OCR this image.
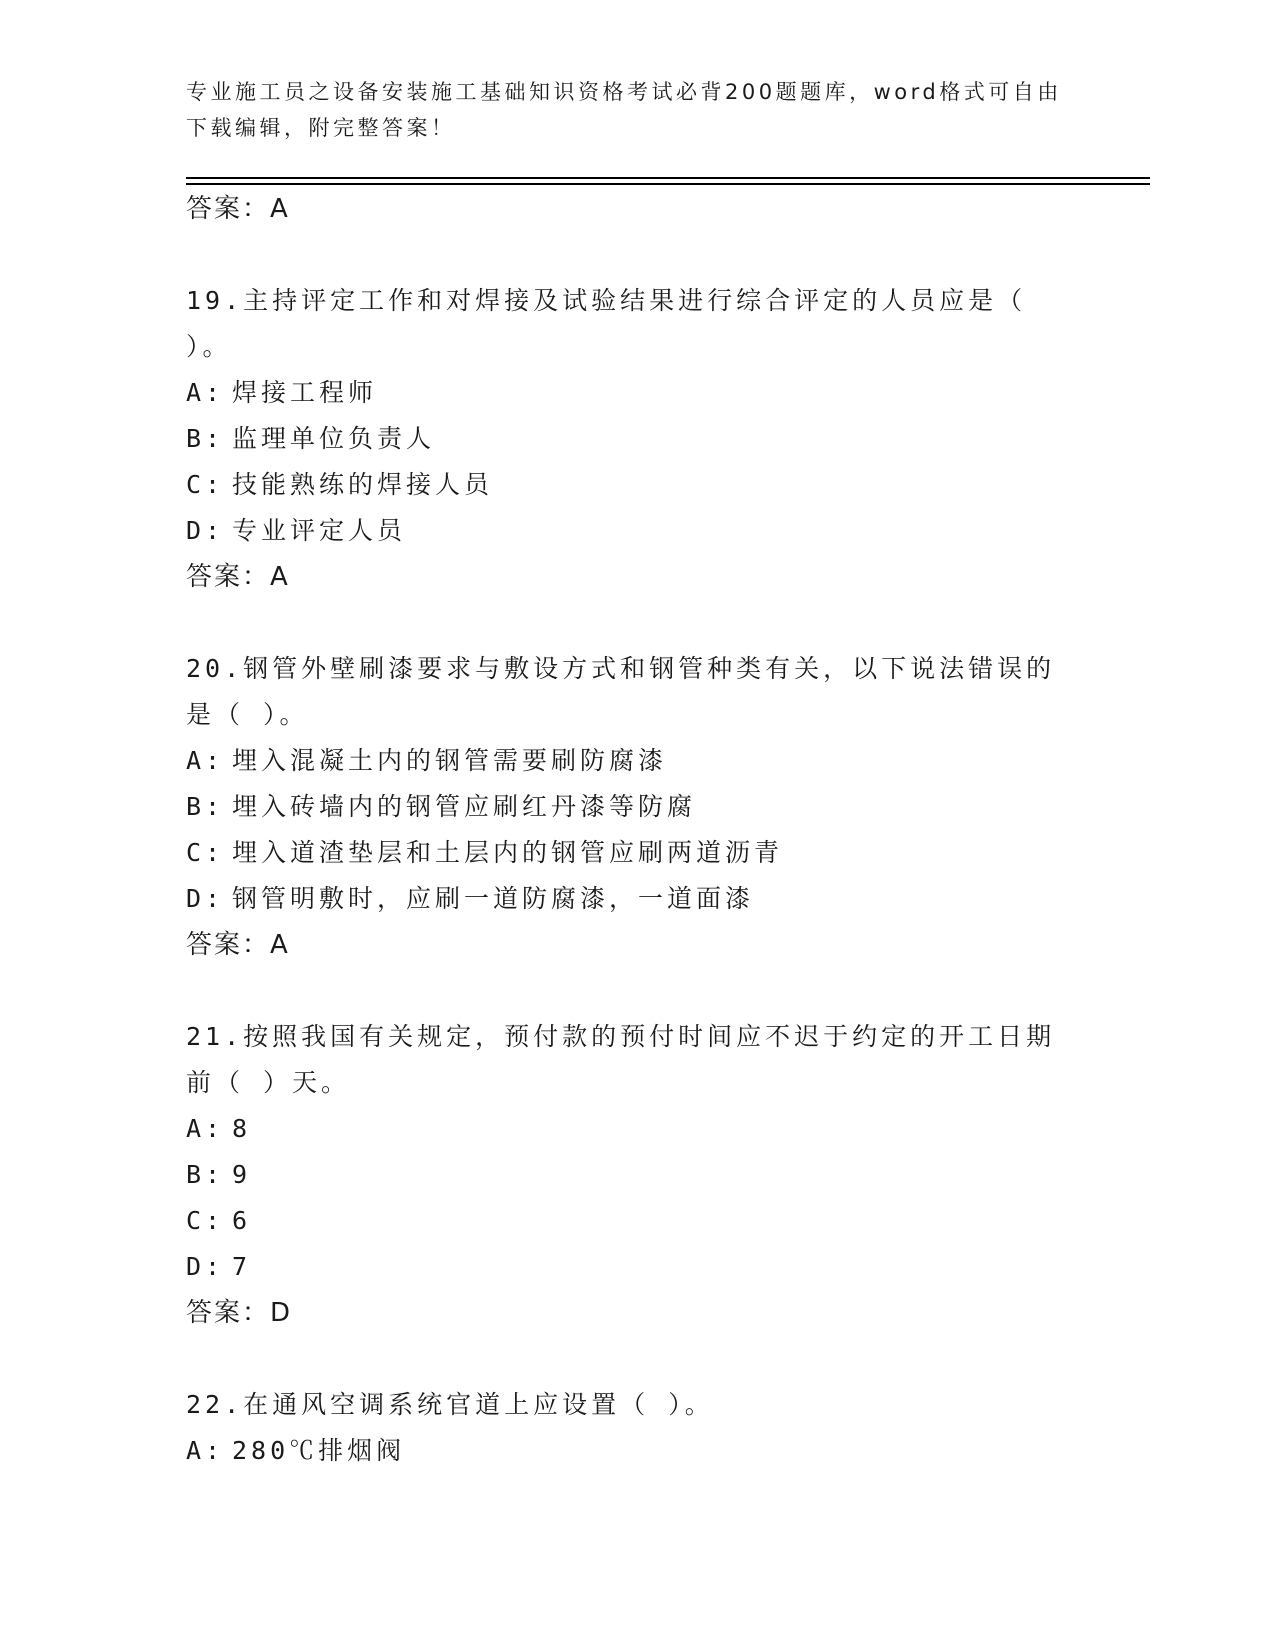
专业施工员之设备安装施工基础知识资格考试必背200题题库，word格式可自由下载编辑，附完整答案！
答案：A
19.主持评定工作和对焊接及试验结果进行综合评定的人员应是（ ）。
A: 焊接工程师
B: 监理单位负责人
C: 技能熟练的焊接人员
D: 专业评定人员
答案：A
20.钢管外壁刷漆要求与敷设方式和钢管种类有关，以下说法错误的是（ ）。
A: 埋入混凝土内的钢管需要刷防腐漆
B: 埋入砖墙内的钢管应刷红丹漆等防腐
C: 埋入道渣垫层和土层内的钢管应刷两道沥青
D: 钢管明敷时，应刷一道防腐漆，一道面漆
答案：A
21.按照我国有关规定，预付款的预付时间应不迟于约定的开工日期前（ ）天。
A: 8
B: 9
C: 6
D: 7
答案：D
22.在通风空调系统官道上应设置（ ）。
A: 280℃排烟阀
